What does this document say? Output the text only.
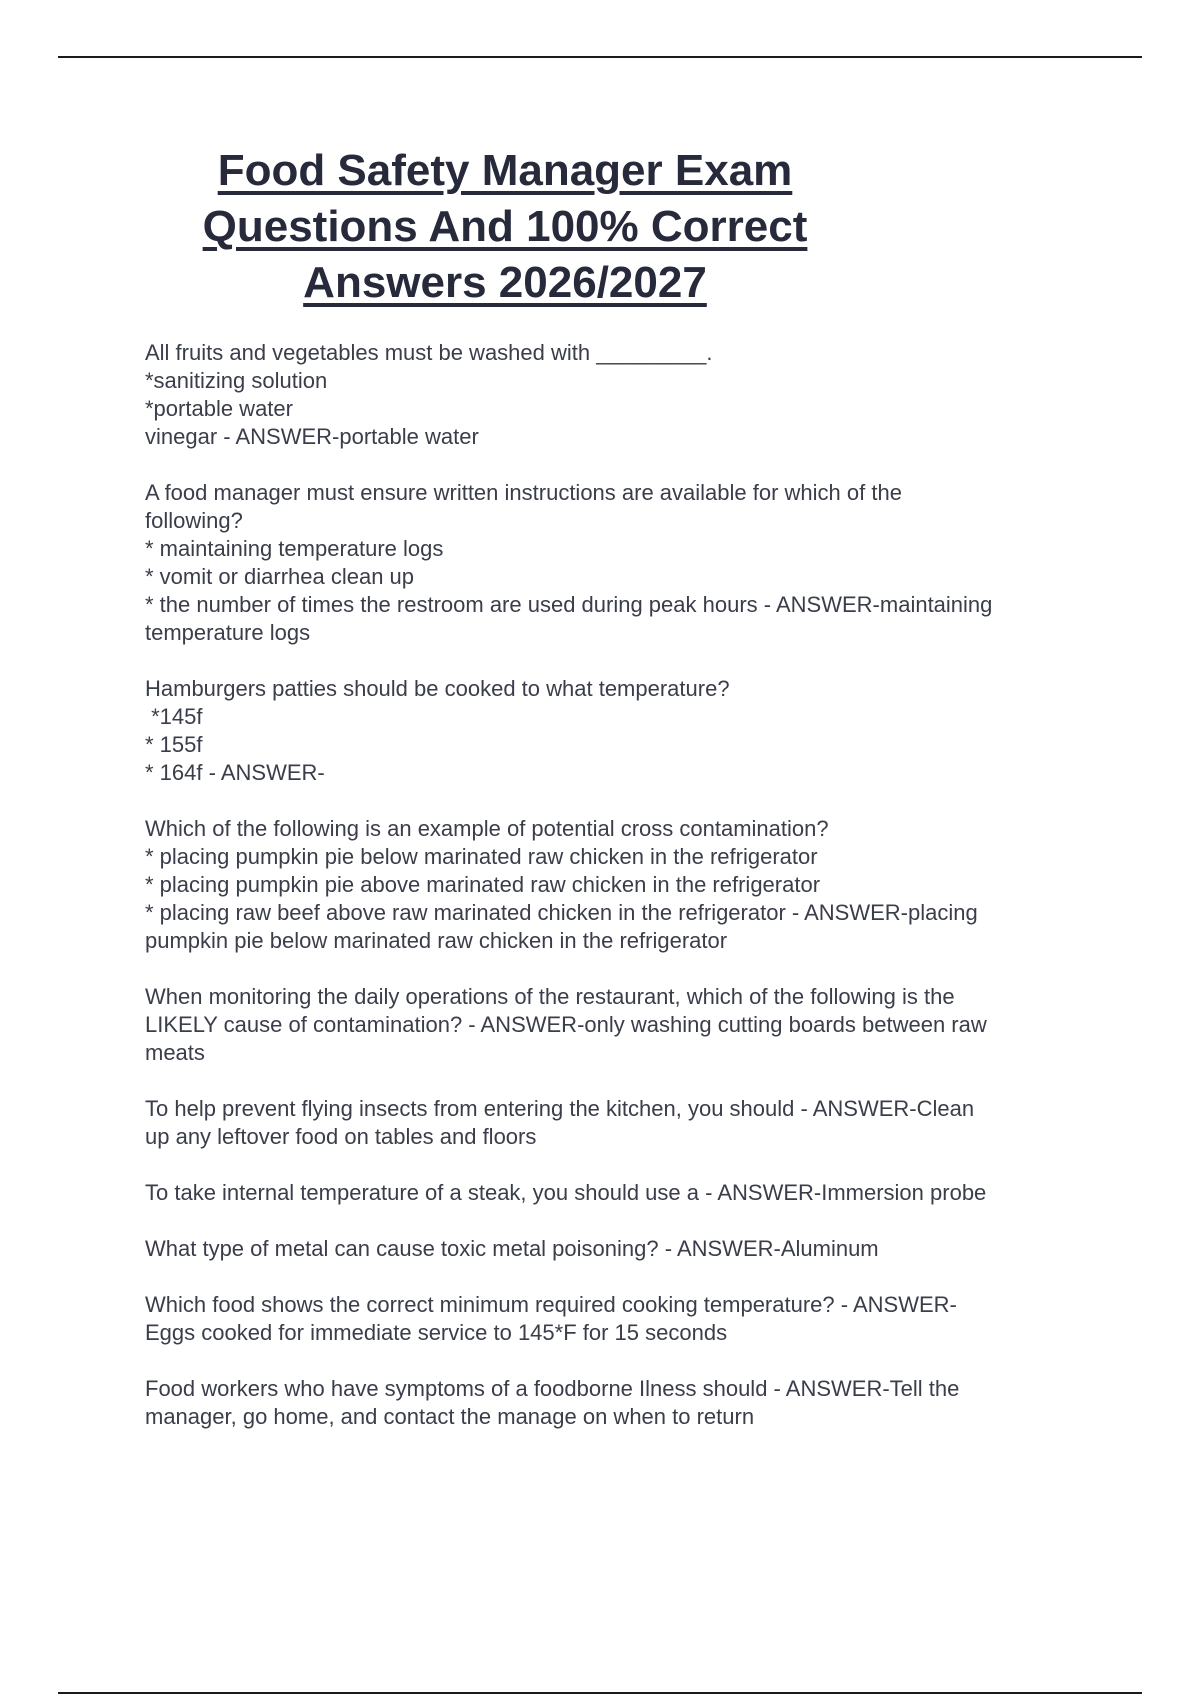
Food Safety Manager Exam
Questions And 100% Correct
Answers 2026/2027
All fruits and vegetables must be washed with _________.
*sanitizing solution
*portable water
vinegar - ANSWER-portable water
A food manager must ensure written instructions are available for which of the
following?
* maintaining temperature logs
* vomit or diarrhea clean up
* the number of times the restroom are used during peak hours - ANSWER-maintaining
temperature logs
Hamburgers patties should be cooked to what temperature?
*145f
* 155f
* 164f - ANSWER-
Which of the following is an example of potential cross contamination?
* placing pumpkin pie below marinated raw chicken in the refrigerator
* placing pumpkin pie above marinated raw chicken in the refrigerator
* placing raw beef above raw marinated chicken in the refrigerator - ANSWER-placing
pumpkin pie below marinated raw chicken in the refrigerator
When monitoring the daily operations of the restaurant, which of the following is the
LIKELY cause of contamination? - ANSWER-only washing cutting boards between raw
meats
To help prevent flying insects from entering the kitchen, you should - ANSWER-Clean
up any leftover food on tables and floors
To take internal temperature of a steak, you should use a - ANSWER-Immersion probe
What type of metal can cause toxic metal poisoning? - ANSWER-Aluminum
Which food shows the correct minimum required cooking temperature? - ANSWER-
Eggs cooked for immediate service to 145*F for 15 seconds
Food workers who have symptoms of a foodborne Ilness should - ANSWER-Tell the
manager, go home, and contact the manage on when to return
